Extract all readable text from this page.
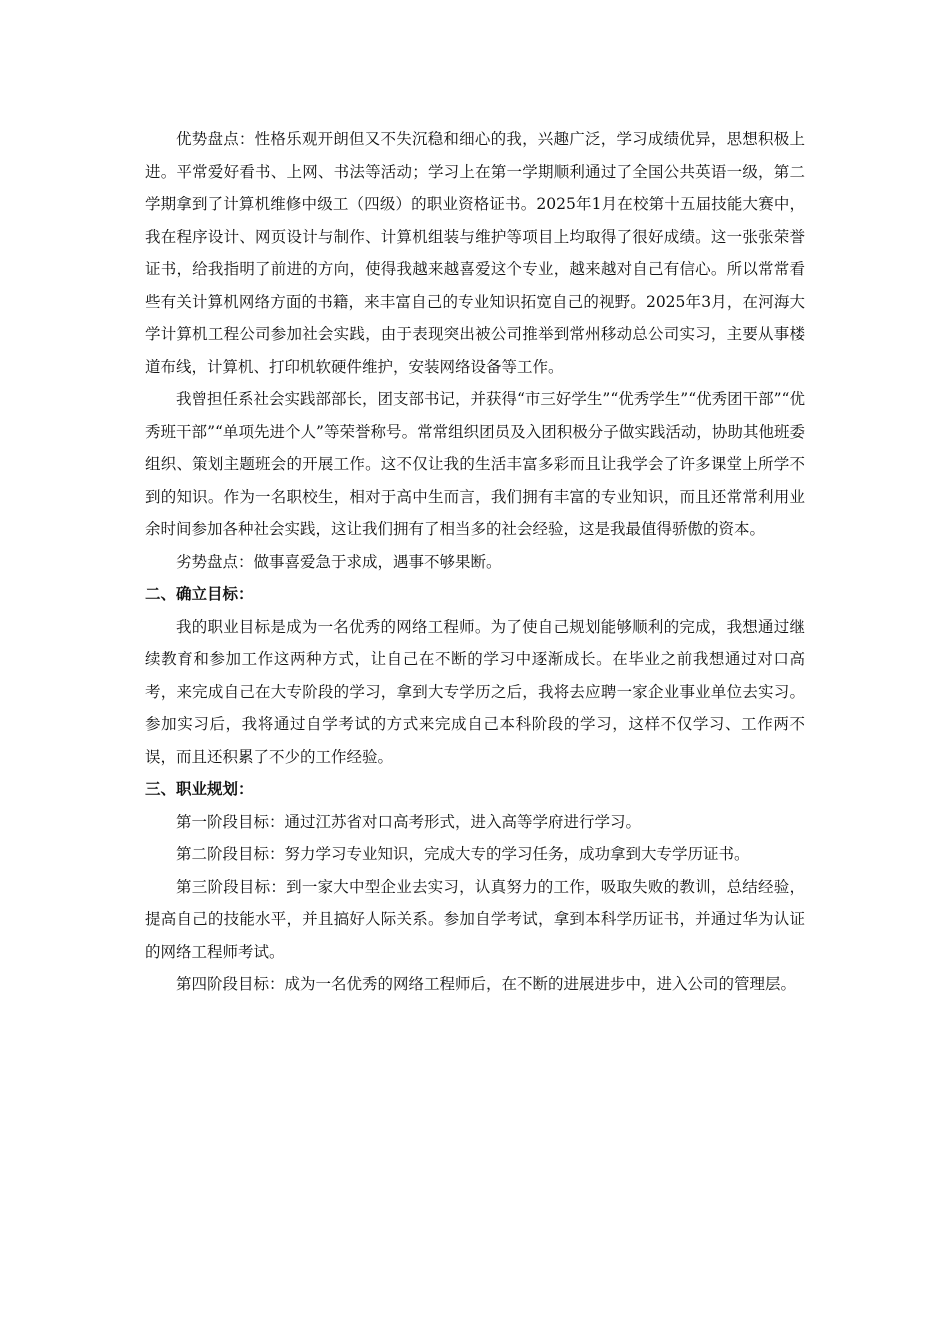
优势盘点：性格乐观开朗但又不失沉稳和细心的我，兴趣广泛，学习成绩优异，思想积极上进。平常爱好看书、上网、书法等活动；学习上在第一学期顺利通过了全国公共英语一级，第二学期拿到了计算机维修中级工（四级）的职业资格证书。2025年1月在校第十五届技能大赛中，我在程序设计、网页设计与制作、计算机组装与维护等项目上均取得了很好成绩。这一张张荣誉证书，给我指明了前进的方向，使得我越来越喜爱这个专业，越来越对自己有信心。所以常常看些有关计算机网络方面的书籍，来丰富自己的专业知识拓宽自己的视野。2025年3月，在河海大学计算机工程公司参加社会实践，由于表现突出被公司推举到常州移动总公司实习，主要从事楼道布线，计算机、打印机软硬件维护，安装网络设备等工作。

我曾担任系社会实践部部长，团支部书记，并获得“市三好学生”“优秀学生”“优秀团干部”“优秀班干部”“单项先进个人”等荣誉称号。常常组织团员及入团积极分子做实践活动，协助其他班委组织、策划主题班会的开展工作。这不仅让我的生活丰富多彩而且让我学会了许多课堂上所学不到的知识。作为一名职校生，相对于高中生而言，我们拥有丰富的专业知识，而且还常常利用业余时间参加各种社会实践，这让我们拥有了相当多的社会经验，这是我最值得骄傲的资本。

劣势盘点：做事喜爱急于求成，遇事不够果断。

二、确立目标：

我的职业目标是成为一名优秀的网络工程师。为了使自己规划能够顺利的完成，我想通过继续教育和参加工作这两种方式，让自己在不断的学习中逐渐成长。在毕业之前我想通过对口高考，来完成自己在大专阶段的学习，拿到大专学历之后，我将去应聘一家企业事业单位去实习。参加实习后，我将通过自学考试的方式来完成自己本科阶段的学习，这样不仅学习、工作两不误，而且还积累了不少的工作经验。

三、职业规划：

第一阶段目标：通过江苏省对口高考形式，进入高等学府进行学习。

第二阶段目标：努力学习专业知识，完成大专的学习任务，成功拿到大专学历证书。

第三阶段目标：到一家大中型企业去实习，认真努力的工作，吸取失败的教训，总结经验，提高自己的技能水平，并且搞好人际关系。参加自学考试，拿到本科学历证书，并通过华为认证的网络工程师考试。

第四阶段目标：成为一名优秀的网络工程师后，在不断的进展进步中，进入公司的管理层。
